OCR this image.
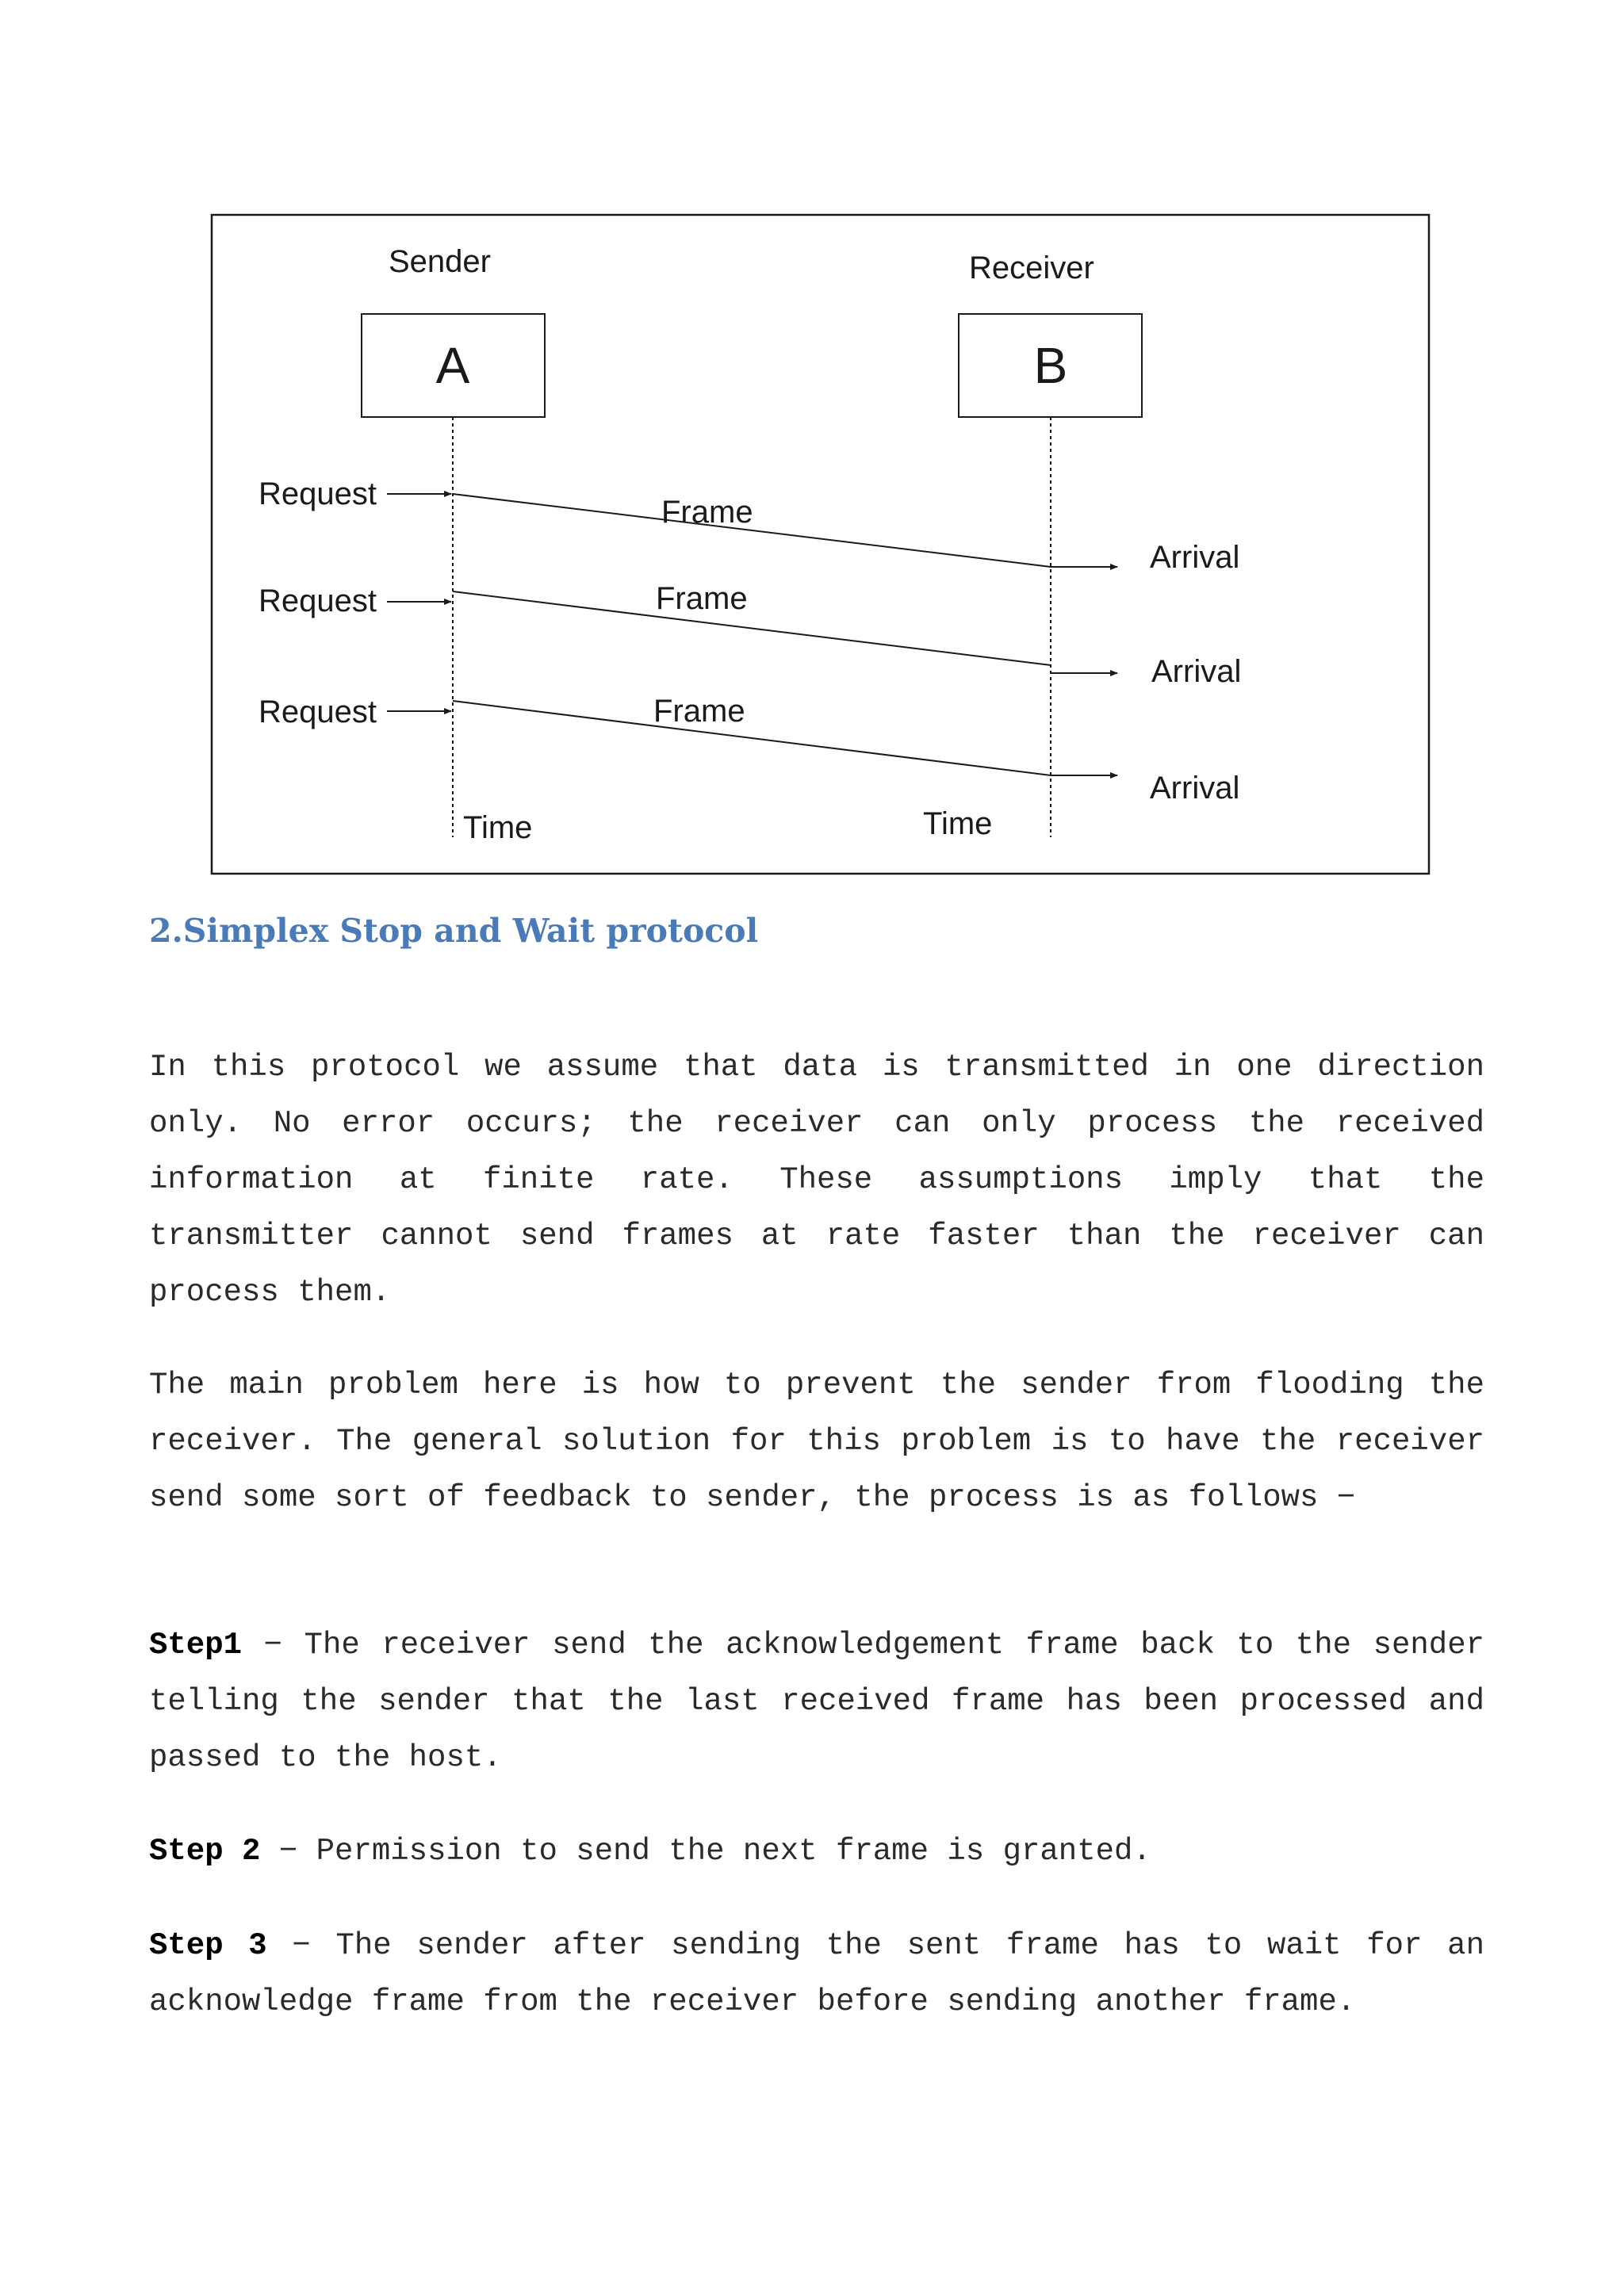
Sender	Receiver
A	B
Request
Frame
Arrival
Request	Frame
Arrival
Request	Frame
Arrival
Time	Time
2.Simplex Stop and Wait protocol

In this protocol we assume that data is transmitted in one direction only. No error occurs; the receiver can only process the received information at finite rate. These assumptions imply that the transmitter cannot send frames at rate faster than the receiver can process them.

The main problem here is how to prevent the sender from flooding the receiver. The general solution for this problem is to have the receiver send some sort of feedback to sender, the process is as follows −

Step1 − The receiver send the acknowledgement frame back to the sender telling the sender that the last received frame has been processed and passed to the host.

Step 2 − Permission to send the next frame is granted.

Step 3 − The sender after sending the sent frame has to wait for an acknowledge frame from the receiver before sending another frame.
